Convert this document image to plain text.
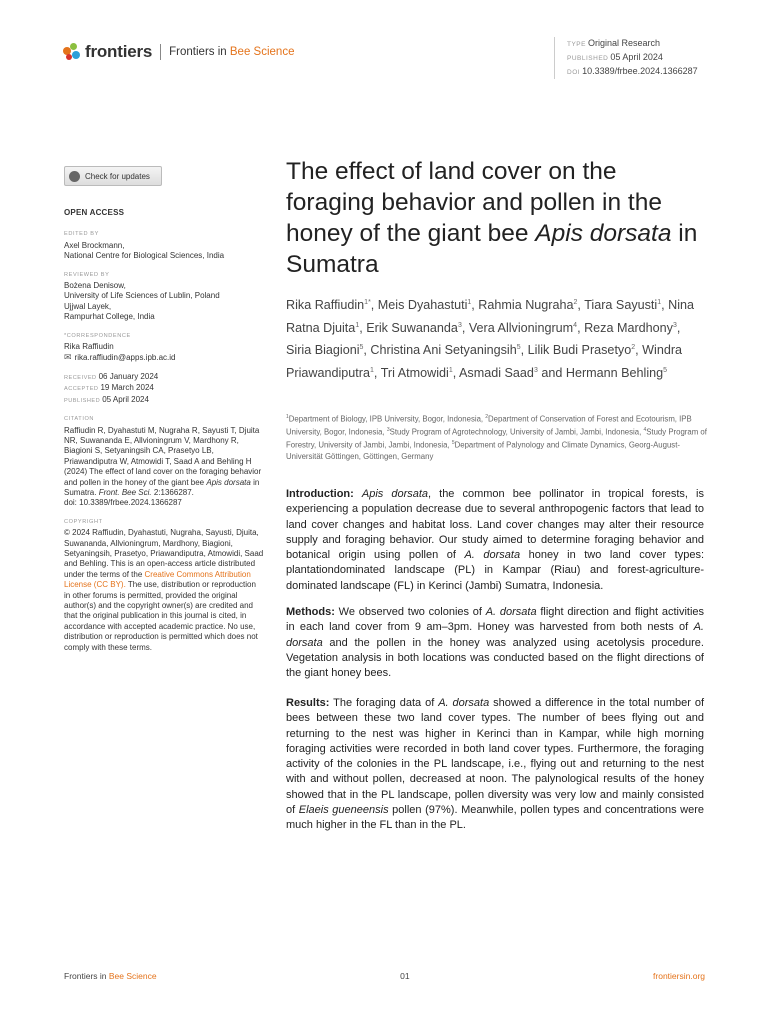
frontiers Frontiers in Bee Science
TYPE Original Research
PUBLISHED 05 April 2024
DOI 10.3389/frbee.2024.1366287
Check for updates
OPEN ACCESS
EDITED BY
Axel Brockmann,
National Centre for Biological Sciences, India
REVIEWED BY
Bożena Denisow,
University of Life Sciences of Lublin, Poland
Ujjwal Layek,
Rampurhat College, India
*CORRESPONDENCE
Rika Raffiudin
✉ rika.raffiudin@apps.ipb.ac.id
RECEIVED 06 January 2024
ACCEPTED 19 March 2024
PUBLISHED 05 April 2024
CITATION
Raffiudin R, Dyahastuti M, Nugraha R, Sayusti T, Djuita NR, Suwananda E, Allvioningrum V, Mardhony R, Biagioni S, Setyaningsih CA, Prasetyo LB, Priawandiputra W, Atmowidi T, Saad A and Behling H (2024) The effect of land cover on the foraging behavior and pollen in the honey of the giant bee Apis dorsata in Sumatra. Front. Bee Sci. 2:1366287.
doi: 10.3389/frbee.2024.1366287
COPYRIGHT
© 2024 Raffiudin, Dyahastuti, Nugraha, Sayusti, Djuita, Suwananda, Allvioningrum, Mardhony, Biagioni, Setyaningsih, Prasetyo, Priawandiputra, Atmowidi, Saad and Behling. This is an open-access article distributed under the terms of the Creative Commons Attribution License (CC BY). The use, distribution or reproduction in other forums is permitted, provided the original author(s) and the copyright owner(s) are credited and that the original publication in this journal is cited, in accordance with accepted academic practice. No use, distribution or reproduction is permitted which does not comply with these terms.
The effect of land cover on the foraging behavior and pollen in the honey of the giant bee Apis dorsata in Sumatra
Rika Raffiudin$^{1*}$, Meis Dyahastuti$^1$, Rahmia Nugraha$^2$, Tiara Sayusti$^1$, Nina Ratna Djuita$^1$, Erik Suwananda$^3$, Vera Allvioningrum$^4$, Reza Mardhony$^3$, Siria Biagioni$^5$, Christina Ani Setyaningsih$^5$, Lilik Budi Prasetyo$^2$, Windra Priawandiputra$^1$, Tri Atmowidi$^1$, Asmadi Saad$^3$ and Hermann Behling$^5$
$^1$Department of Biology, IPB University, Bogor, Indonesia, $^2$Department of Conservation of Forest and Ecotourism, IPB University, Bogor, Indonesia, $^3$Study Program of Agrotechnology, University of Jambi, Jambi, Indonesia, $^4$Study Program of Forestry, University of Jambi, Jambi, Indonesia, $^5$Department of Palynology and Climate Dynamics, Georg-August-Universität Göttingen, Göttingen, Germany

Introduction: Apis dorsata, the common bee pollinator in tropical forests, is experiencing a population decrease due to several anthropogenic factors that lead to land cover changes and habitat loss. Land cover changes may alter their resource supply and foraging behavior. Our study aimed to determine foraging behavior and botanical origin using pollen of A. dorsata honey in two land cover types: plantationdominated landscape (PL) in Kampar (Riau) and forest-agriculture-dominated landscape (FL) in Kerinci (Jambi) Sumatra, Indonesia.

Methods: We observed two colonies of A. dorsata flight direction and flight activities in each land cover from 9 am–3pm. Honey was harvested from both nests of A. dorsata and the pollen in the honey was analyzed using acetolysis procedure. Vegetation analysis in both locations was conducted based on the flight directions of the giant honey bees.

Results: The foraging data of A. dorsata showed a difference in the total number of bees between these two land cover types. The number of bees flying out and returning to the nest was higher in Kerinci than in Kampar, while high morning foraging activities were recorded in both land cover types. Furthermore, the foraging activity of the colonies in the PL landscape, i.e., flying out and returning to the nest with and without pollen, decreased at noon. The palynological results of the honey showed that in the PL landscape, pollen diversity was very low and mainly consisted of Elaeis gueneensis pollen (97%). Meanwhile, pollen types and concentrations were much higher in the FL than in the PL.

Frontiers in Bee Science	01	frontiersin.org
